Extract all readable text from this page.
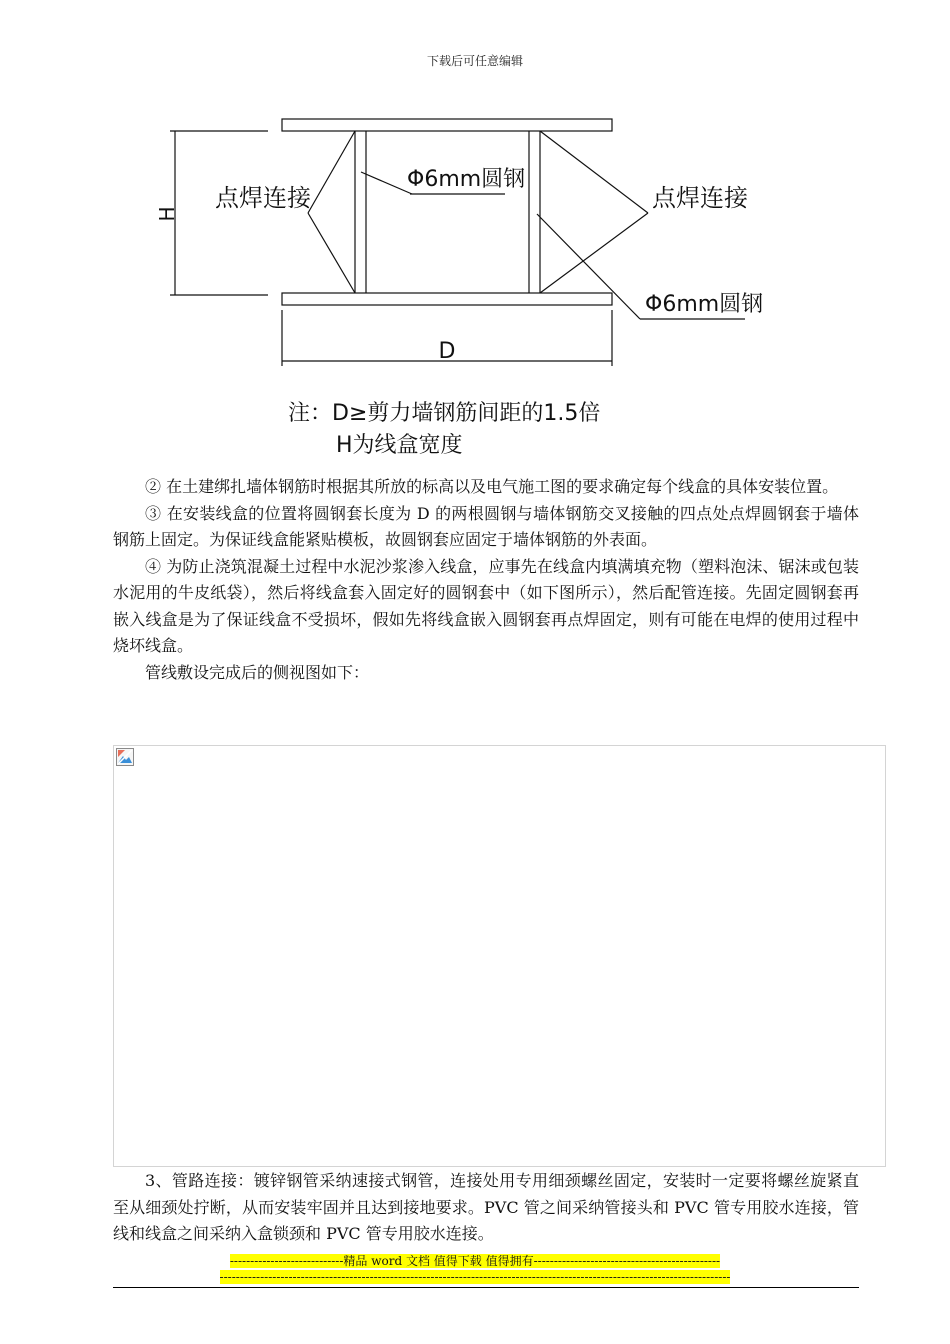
下载后可任意编辑
H
D
点焊连接	点焊连接
Φ6mm圆钢
Φ6mm圆钢
注：D≥剪力墙钢筋间距的1.5倍
H为线盒宽度

② 在土建绑扎墙体钢筋时根据其所放的标高以及电气施工图的要求确定每个线盒的具体安装位置。

③ 在安装线盒的位置将圆钢套长度为 D 的两根圆钢与墙体钢筋交叉接触的四点处点焊圆钢套于墙体钢筋上固定。为保证线盒能紧贴模板，故圆钢套应固定于墙体钢筋的外表面。

④ 为防止浇筑混凝土过程中水泥沙浆渗入线盒，应事先在线盒内填满填充物（塑料泡沫、锯沫或包装水泥用的牛皮纸袋），然后将线盒套入固定好的圆钢套中（如下图所示），然后配管连接。先固定圆钢套再嵌入线盒是为了保证线盒不受损坏，假如先将线盒嵌入圆钢套再点焊固定，则有可能在电焊的使用过程中烧坏线盒。

管线敷设完成后的侧视图如下：

3、管路连接：镀锌钢管采纳速接式钢管，连接处用专用细颈螺丝固定，安装时一定要将螺丝旋紧直至从细颈处拧断，从而安装牢固并且达到接地要求。PVC 管之间采纳管接头和 PVC 管专用胶水连接，管线和线盒之间采纳入盒锁颈和 PVC 管专用胶水连接。

----------------------------精品 word 文档 值得下载 值得拥有----------------------------------------------
------------------------------------------------------------------------------------------------------------------------------
